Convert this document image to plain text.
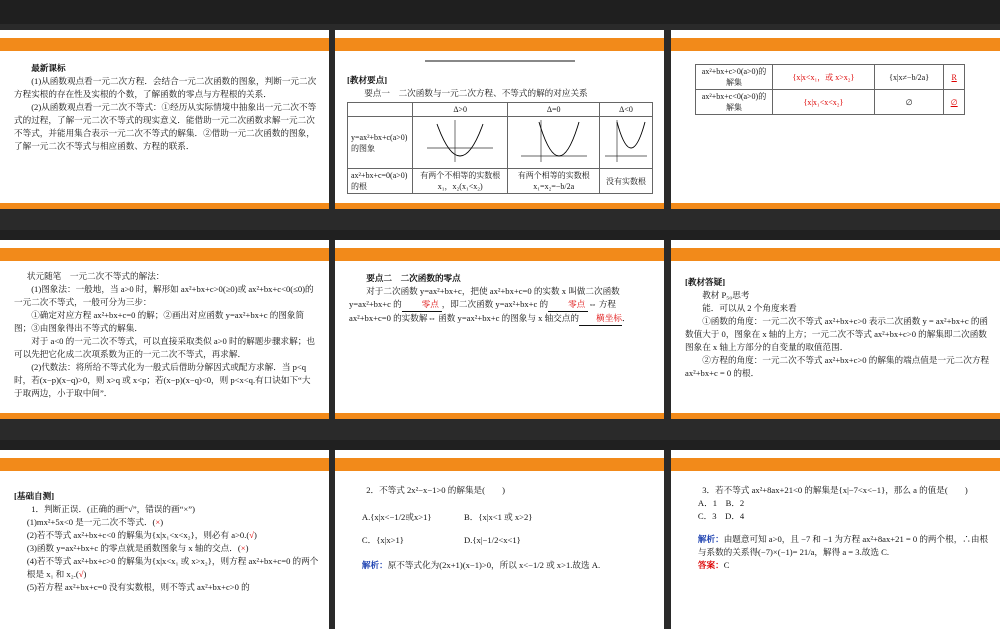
最新课标

(1)从函数观点看一元二次方程．会结合一元二次函数的图象，判断一元二次方程实根的存在性及实根的个数，了解函数的零点与方程根的关系．

(2)从函数观点看一元二次不等式：①经历从实际情境中抽象出一元二次不等式的过程，了解一元二次不等式的现实意义．能借助一元二次函数求解一元二次不等式，并能用集合表示一元二次不等式的解集．②借助一元二次函数的图象，了解一元二次不等式与相应函数、方程的联系．

[教材要点]

要点一　二次函数与一元二次方程、不等式的解的对应关系

	Δ>0	Δ=0	Δ<0
y=ax²+bx+c(a>0)的图象			
ax²+bx+c=0(a>0)的根	有两个不相等的实数根 x₁，x₂(x₁<x₂)	有两个相等的实数根 x₁=x₂=−b/2a	没有实数根
ax²+bx+c>0(a>0)的解集	{x|x<x₁，或 x>x₂}	{x|x≠−b/2a}	R
ax²+bx+c<0(a>0)的解集	{x|x₁<x<x₂}	∅	∅

状元随笔　一元二次不等式的解法：

(1)图象法：一般地，当 a>0 时，解形如 ax²+bx+c>0(≥0)或 ax²+bx+c<0(≤0)的一元二次不等式，一般可分为三步：

①确定对应方程 ax²+bx+c=0 的解；②画出对应函数 y=ax²+bx+c 的图象简图；③由图象得出不等式的解集．

对于 a<0 的一元二次不等式，可以直接采取类似 a>0 时的解题步骤求解；也可以先把它化成二次项系数为正的一元二次不等式，再求解．

(2)代数法：将所给不等式化为一般式后借助分解因式或配方求解．当 p<q 时，若(x−p)(x−q)>0，则 x>q 或 x<p；若(x−p)(x−q)<0，则 p<x<q.有口诀如下“大于取两边，小于取中间”．

要点二　二次函数的零点

对于二次函数 y=ax²+bx+c，把使 ax²+bx+c=0 的实数 x 叫做二次函数 y=ax²+bx+c 的 零点 ，即二次函数 y=ax²+bx+c 的 零点 ⇔ 方程 ax²+bx+c=0 的实数解⇔ 函数 y=ax²+bx+c 的图象与 x 轴交点的 横坐标．

[教材答疑]

教材 P₅₀思考

能．可以从 2 个角度来看

①函数的角度：一元二次不等式 ax²+bx+c>0 表示二次函数 y = ax²+bx+c 的函数值大于 0，图象在 x 轴的上方；一元二次不等式 ax²+bx+c>0 的解集即二次函数图象在 x 轴上方部分的自变量的取值范围．

②方程的角度：一元二次不等式 ax²+bx+c>0 的解集的端点值是一元二次方程 ax²+bx+c = 0 的根．

[基础自测]

1．判断正误．(正确的画“√”，错误的画“×”)

(1)mx²+5x<0 是一元二次不等式．(×)

(2)若不等式 ax²+bx+c<0 的解集为{x|x₁<x<x₂}，则必有 a>0.(√)

(3)函数 y=ax²+bx+c 的零点就是函数图象与 x 轴的交点．(×)

(4)若不等式 ax²+bx+c>0 的解集为{x|x<x₁ 或 x>x₂}，则方程 ax²+bx+c=0 的两个根是 x₁ 和 x₂.(√)

(5)若方程 ax²+bx+c=0 没有实数根，则不等式 ax²+bx+c>0 的

2．不等式 2x²−x−1>0 的解集是(　　)

A.{x|x<−1/2或x>1}	B．{x|x<1 或 x>2}

C．{x|x>1}	D.{x|−1/2<x<1}

解析：原不等式化为(2x+1)(x−1)>0，所以 x<−1/2 或 x>1.故选 A.

3．若不等式 ax²+8ax+21<0 的解集是{x|−7<x<−1}，那么 a 的值是(　　)

A．1　B．2

C．3　D．4

解析：由题意可知 a>0，且 −7 和 −1 为方程 ax²+8ax+21 = 0 的两个根，∴由根与系数的关系得(−7)×(−1)= 21/a，解得 a = 3.故选 C.

答案：C
